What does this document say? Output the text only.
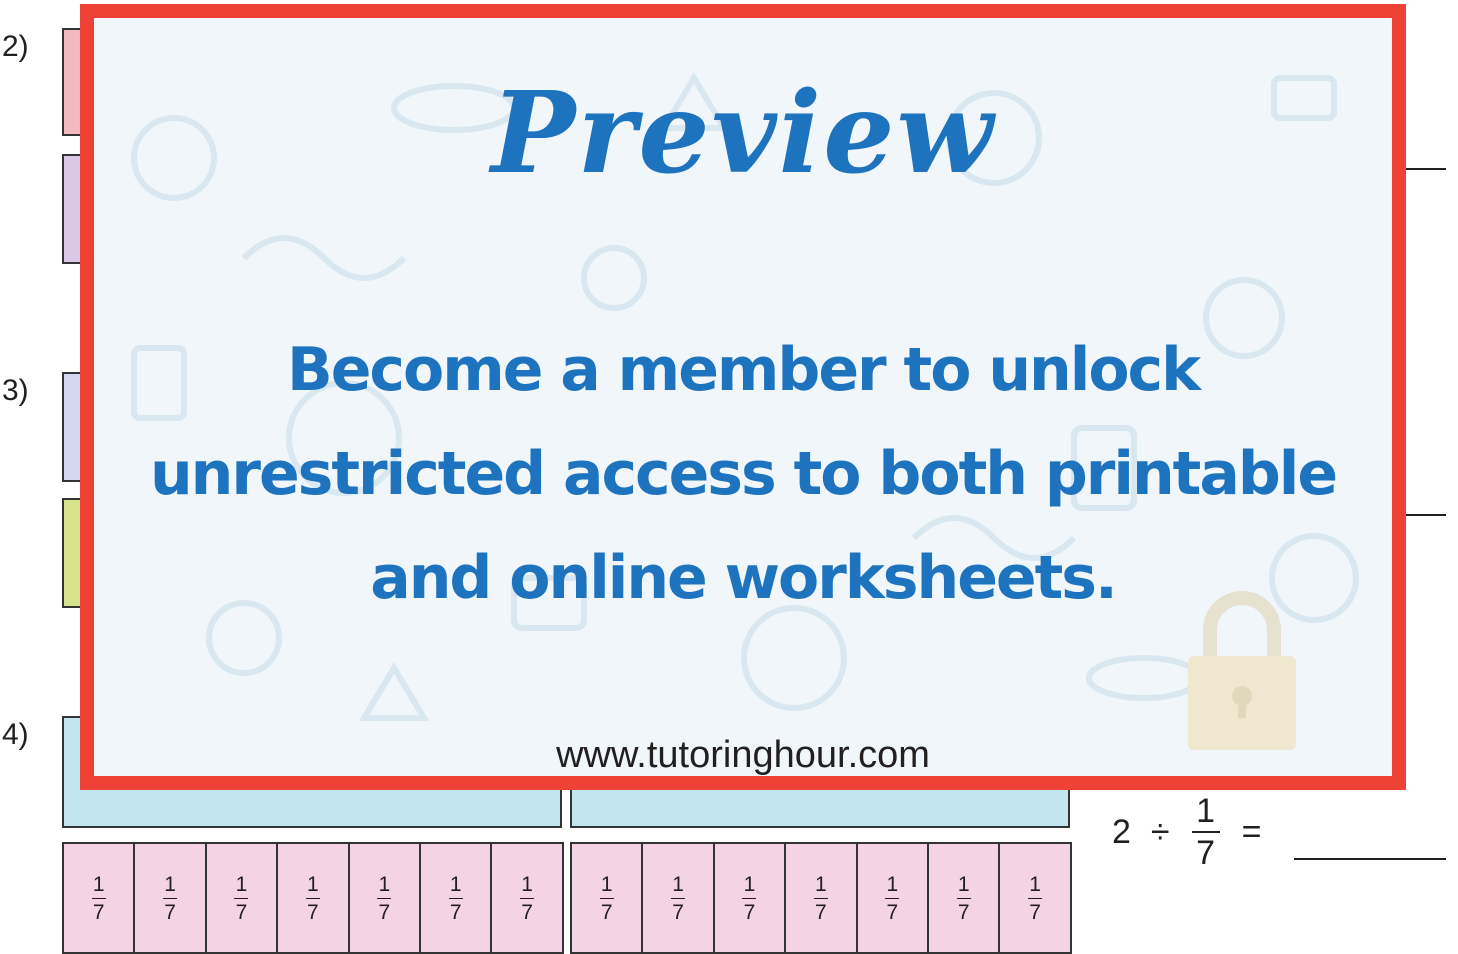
2)
3)
4)
$\frac{1}{7}$	$\frac{1}{7}$	$\frac{1}{7}$	$\frac{1}{7}$	$\frac{1}{7}$	$\frac{1}{7}$	$\frac{1}{7}$	$\frac{1}{7}$	$\frac{1}{7}$	$\frac{1}{7}$	$\frac{1}{7}$	$\frac{1}{7}$	$\frac{1}{7}$	$\frac{1}{7}$
2 ÷
1
7
=
Preview
Become a member to unlock
unrestricted access to both printable
and online worksheets.
www.tutoringhour.com
